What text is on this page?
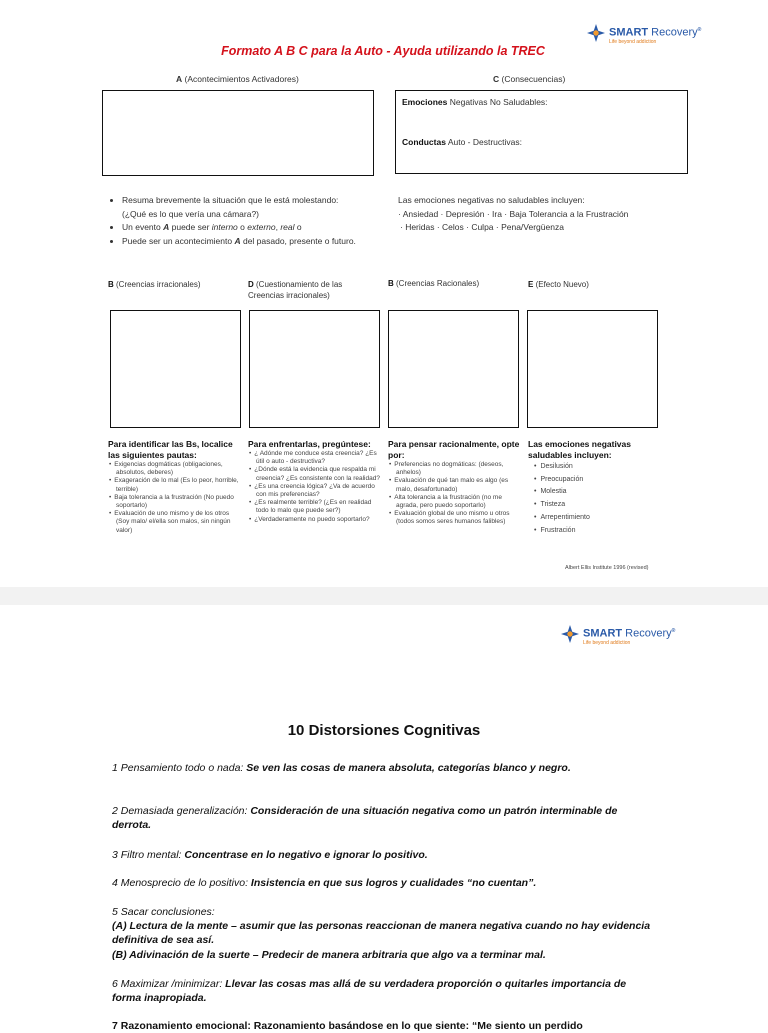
SMART Recovery®
Life beyond addiction
Formato A B C para la Auto - Ayuda utilizando la TREC
A (Acontecimientos Activadores)	C (Consecuencias)
Emociones Negativas No Saludables:
Conductas Auto - Destructivas:
• Resuma brevemente la situación que le está molestando:
(¿Qué es lo que vería una cámara?)
• Un evento A puede ser interno o externo, real o
• Puede ser un acontecimiento A del pasado, presente o futuro.
Las emociones negativas no saludables incluyen:
· Ansiedad · Depresión · Ira · Baja Tolerancia a la Frustración
· Heridas · Celos · Culpa · Pena/Vergüenza
B (Creencias irracionales)	D (Cuestionamiento de las Creencias irracionales)
B (Creencias Racionales)	E (Efecto Nuevo)
Para identificar las Bs, localice las siguientes pautas:
• Exigencias dogmáticas (obligaciones, absolutos, deberes)
• Exageración de lo mal (Es lo peor, horrible, terrible)
• Baja tolerancia a la frustración (No puedo soportarlo)
• Evaluación de uno mismo y de los otros (Soy malo/ el/ella son malos, sin ningún valor)
Para enfrentarlas, pregúntese:
• ¿ Adónde me conduce esta creencia? ¿Es útil o auto - destructiva?
• ¿Dónde está la evidencia que respalda mi creencia? ¿Es consistente con la realidad?
• ¿Es una creencia lógica? ¿Va de acuerdo con mis preferencias?
• ¿Es realmente terrible? (¿Es en realidad todo lo malo que puede ser?)
• ¿Verdaderamente no puedo soportarlo?
Para pensar racionalmente, opte por:
• Preferencias no dogmáticas: (deseos, anhelos)
• Evaluación de qué tan malo es algo (es malo, desafortunado)
• Alta tolerancia a la frustración (no me agrada, pero puedo soportarlo)
• Evaluación global de uno mismo u otros (todos somos seres humanos falibles)
Las emociones negativas saludables incluyen:
• Desilusión
• Preocupación
• Molestia
• Tristeza
• Arrepentimiento
• Frustración
Albert Ellis Institute 1996 (revised)
SMART Recovery®
Life beyond addiction
10 Distorsiones Cognitivas
1 Pensamiento todo o nada: Se ven las cosas de manera absoluta, categorías blanco y negro.
2 Demasiada generalización: Consideración de una situación negativa como un patrón interminable de derrota.
3 Filtro mental: Concentrase en lo negativo e ignorar lo positivo.
4 Menosprecio de lo positivo: Insistencia en que sus logros y cualidades “no cuentan”.
5 Sacar conclusiones:
(A) Lectura de la mente – asumir que las personas reaccionan de manera negativa cuando no hay evidencia definitiva de sea así.
(B) Adivinación de la suerte – Predecir de manera arbitraria que algo va a terminar mal.
6 Maximizar /minimizar: Llevar las cosas mas allá de su verdadera proporción o quitarles importancia de forma inapropiada.
7 Razonamiento emocional: Razonamiento basándose en lo que siente: “Me siento un perdido
